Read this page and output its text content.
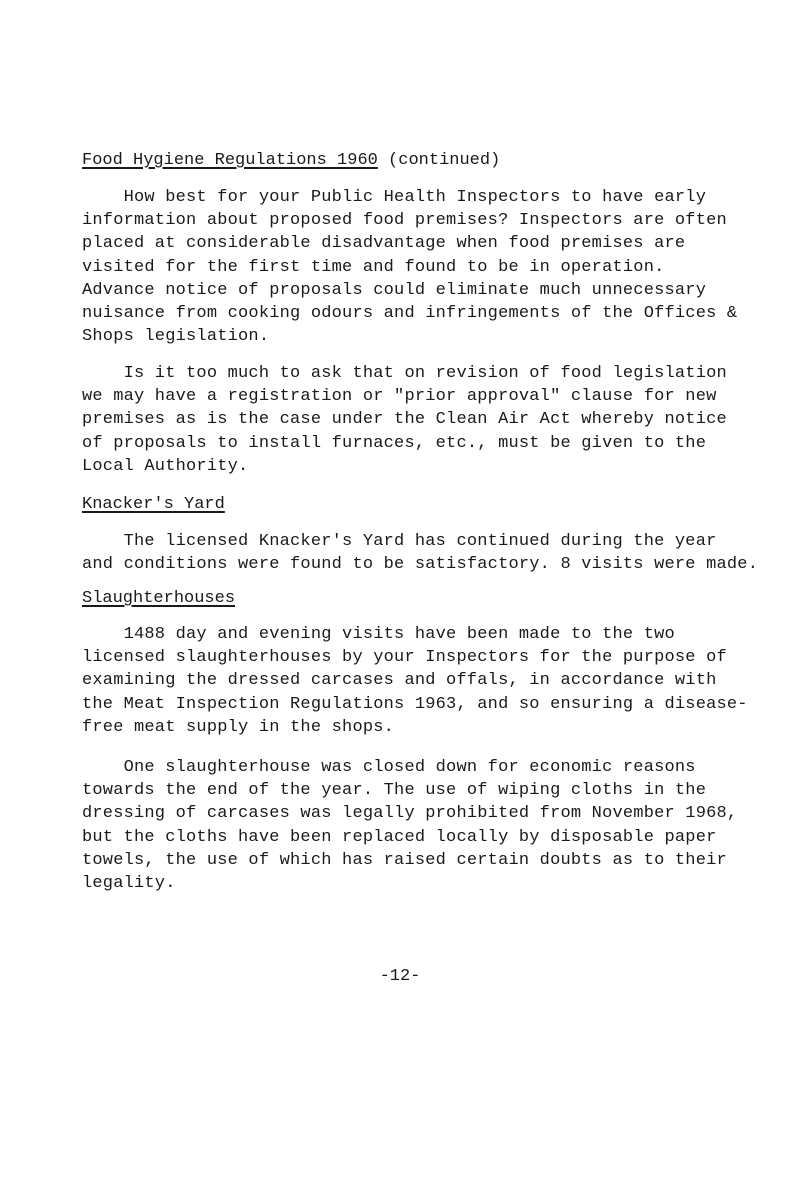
Food Hygiene Regulations 1960 (continued)

How best for your Public Health Inspectors to have early
information about proposed food premises? Inspectors are often
placed at considerable disadvantage when food premises are
visited for the first time and found to be in operation.
Advance notice of proposals could eliminate much unnecessary
nuisance from cooking odours and infringements of the Offices &
Shops legislation.

Is it too much to ask that on revision of food legislation
we may have a registration or "prior approval" clause for new
premises as is the case under the Clean Air Act whereby notice
of proposals to install furnaces, etc., must be given to the
Local Authority.

Knacker's Yard

The licensed Knacker's Yard has continued during the year
and conditions were found to be satisfactory. 8 visits were made.

Slaughterhouses

1488 day and evening visits have been made to the two
licensed slaughterhouses by your Inspectors for the purpose of
examining the dressed carcases and offals, in accordance with
the Meat Inspection Regulations 1963, and so ensuring a disease-
free meat supply in the shops.

One slaughterhouse was closed down for economic reasons
towards the end of the year. The use of wiping cloths in the
dressing of carcases was legally prohibited from November 1968,
but the cloths have been replaced locally by disposable paper
towels, the use of which has raised certain doubts as to their
legality.

-12-
